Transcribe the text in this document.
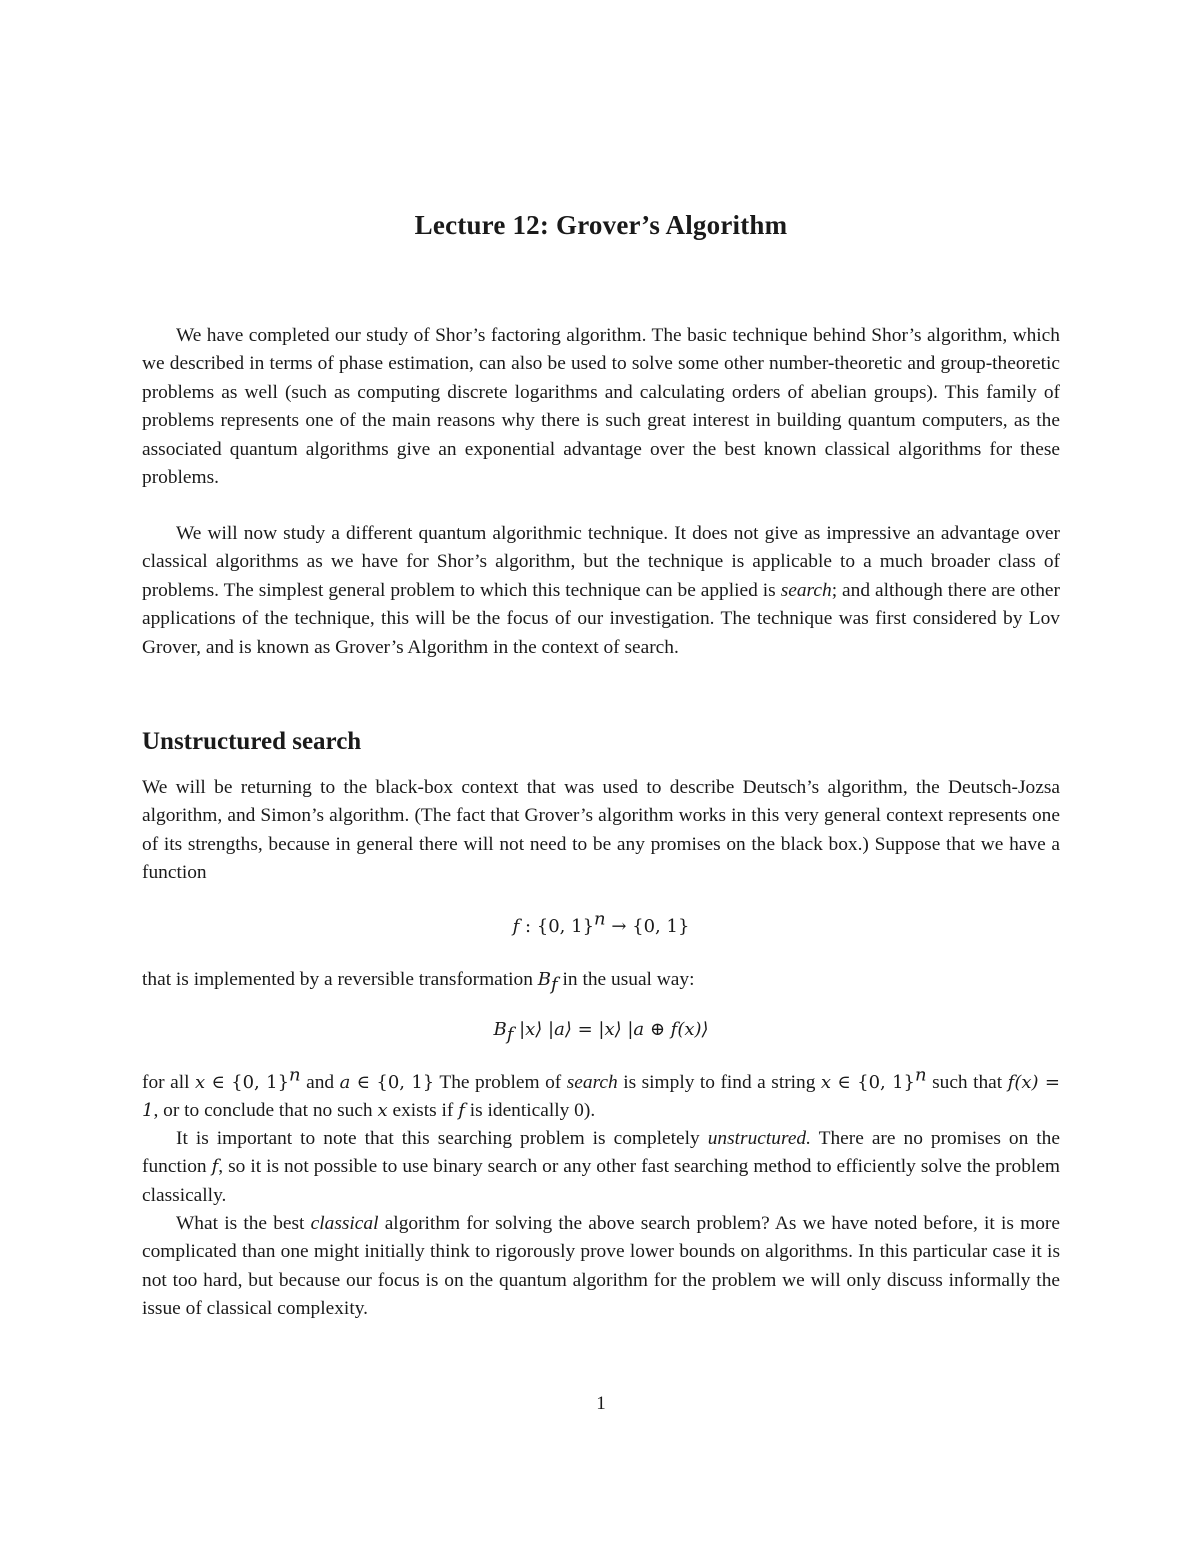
Lecture 12: Grover’s Algorithm

We have completed our study of Shor’s factoring algorithm. The basic technique behind Shor’s algorithm, which we described in terms of phase estimation, can also be used to solve some other number-theoretic and group-theoretic problems as well (such as computing discrete logarithms and calculating orders of abelian groups). This family of problems represents one of the main reasons why there is such great interest in building quantum computers, as the associated quantum algorithms give an exponential advantage over the best known classical algorithms for these problems.

We will now study a different quantum algorithmic technique. It does not give as impressive an advantage over classical algorithms as we have for Shor’s algorithm, but the technique is applicable to a much broader class of problems. The simplest general problem to which this technique can be applied is search; and although there are other applications of the technique, this will be the focus of our investigation. The technique was first considered by Lov Grover, and is known as Grover’s Algorithm in the context of search.

Unstructured search

We will be returning to the black-box context that was used to describe Deutsch’s algorithm, the Deutsch-Jozsa algorithm, and Simon’s algorithm. (The fact that Grover’s algorithm works in this very general context represents one of its strengths, because in general there will not need to be any promises on the black box.) Suppose that we have a function

f : {0, 1}$^n$ → {0, 1}

that is implemented by a reversible transformation $B_f$ in the usual way:

$B_f$ |x⟩ |a⟩ = |x⟩ |a ⊕ f(x)⟩

for all x ∈ {0, 1}$^n$ and a ∈ {0, 1} The problem of search is simply to find a string x ∈ {0, 1}$^n$ such that f(x) = 1, or to conclude that no such x exists if f is identically 0).

It is important to note that this searching problem is completely unstructured. There are no promises on the function f, so it is not possible to use binary search or any other fast searching method to efficiently solve the problem classically.

What is the best classical algorithm for solving the above search problem? As we have noted before, it is more complicated than one might initially think to rigorously prove lower bounds on algorithms. In this particular case it is not too hard, but because our focus is on the quantum algorithm for the problem we will only discuss informally the issue of classical complexity.

1
